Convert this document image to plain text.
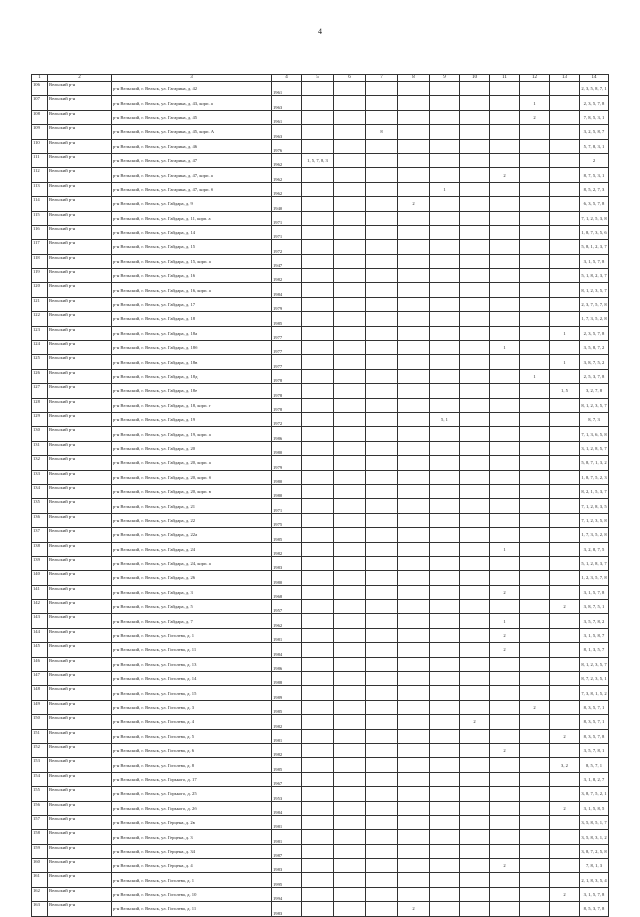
4
1	2	3	4	5	6	7	8	9	10	11	12	13	14
106	Вельский р-н	р-н Вельский, г. Вельск, ул. Гагарина, д. 42	1961										2, 3, 5, 8, 7, 1
107	Вельский р-н	р-н Вельский, г. Вельск, ул. Гагарина, д. 43, корп. а	1963								1		2, 3, 5, 7, 8
108	Вельский р-н	р-н Вельский, г. Вельск, ул. Гагарина, д. 45	1961								2		7, 8, 5, 3, 1
109	Вельский р-н	р-н Вельский, г. Вельск, ул. Гагарина, д. 45, корп. А	1963			8							3, 2, 5, 8, 7
110	Вельский р-н	р-н Вельский, г. Вельск, ул. Гагарина, д. 46	1976										5, 7, 8, 3, 1
111	Вельский р-н	р-н Вельский, г. Вельск, ул. Гагарина, д. 47	1962	1, 5, 7, 8, 3									2
112	Вельский р-н	р-н Вельский, г. Вельск, ул. Гагарина, д. 47, корп. а	1962							2			8, 7, 5, 3, 1
113	Вельский р-н	р-н Вельский, г. Вельск, ул. Гагарина, д. 47, корп. б	1962					1					8, 5, 2, 7, 3
114	Вельский р-н	р-н Вельский, г. Вельск, ул. Гайдара, д. 9	1940				2						6, 3, 5, 7, 8
115	Вельский р-н	р-н Вельский, г. Вельск, ул. Гайдара, д. 11, корп. а	1971										7, 1, 2, 5, 3, 8
116	Вельский р-н	р-н Вельский, г. Вельск, ул. Гайдара, д. 14	1971										1, 8, 7, 3, 5, 6
117	Вельский р-н	р-н Вельский, г. Вельск, ул. Гайдара, д. 15	1972										5, 8, 1, 2, 3, 7
118	Вельский р-н	р-н Вельский, г. Вельск, ул. Гайдара, д. 15, корп. а	1947										3, 1, 5, 7, 8
119	Вельский р-н	р-н Вельский, г. Вельск, ул. Гайдара, д. 16	1982										5, 1, 8, 2, 3, 7
120	Вельский р-н	р-н Вельский, г. Вельск, ул. Гайдара, д. 16, корп. а	1984										8, 1, 2, 3, 5, 7
121	Вельский р-н	р-н Вельский, г. Вельск, ул. Гайдара, д. 17	1979										2, 3, 7, 5, 7, 8
122	Вельский р-н	р-н Вельский, г. Вельск, ул. Гайдара, д. 18	1985										1, 7, 3, 5, 2, 8
123	Вельский р-н	р-н Вельский, г. Вельск, ул. Гайдара, д. 18а	1977									1	2, 3, 5, 7, 8
124	Вельский р-н	р-н Вельский, г. Вельск, ул. Гайдара, д. 18б	1977							1			3, 5, 8, 7, 2
125	Вельский р-н	р-н Вельский, г. Вельск, ул. Гайдара, д. 18в	1977									1	3, 8, 7, 5, 2
126	Вельский р-н	р-н Вельский, г. Вельск, ул. Гайдара, д. 18д	1978								1		2, 5, 3, 7, 8
127	Вельский р-н	р-н Вельский, г. Вельск, ул. Гайдара, д. 18е	1978									1, 5	3, 2, 7, 8
128	Вельский р-н	р-н Вельский, г. Вельск, ул. Гайдара, д. 18, корп. г	1978										8, 1, 2, 3, 5, 7
129	Вельский р-н	р-н Вельский, г. Вельск, ул. Гайдара, д. 19	1972					5, 1					8, 7, 3
130	Вельский р-н	р-н Вельский, г. Вельск, ул. Гайдара, д. 19, корп. а	1986										7, 1, 3, 6, 5, 8
131	Вельский р-н	р-н Вельский, г. Вельск, ул. Гайдара, д. 20	1980										3, 1, 2, 8, 5, 7
132	Вельский р-н	р-н Вельский, г. Вельск, ул. Гайдара, д. 20, корп. а	1979										5, 8, 7, 1, 3, 2
133	Вельский р-н	р-н Вельский, г. Вельск, ул. Гайдара, д. 20, корп. б	1980										1, 8, 7, 5, 2, 3
134	Вельский р-н	р-н Вельский, г. Вельск, ул. Гайдара, д. 20, корп. в	1980										8, 2, 1, 5, 3, 7
135	Вельский р-н	р-н Вельский, г. Вельск, ул. Гайдара, д. 21	1971										7, 1, 2, 8, 3, 5
136	Вельский р-н	р-н Вельский, г. Вельск, ул. Гайдара, д. 22	1975										7, 1, 2, 3, 5, 8
137	Вельский р-н	р-н Вельский, г. Вельск, ул. Гайдара, д. 22а	1985										1, 7, 3, 5, 2, 8
138	Вельский р-н	р-н Вельский, г. Вельск, ул. Гайдара, д. 24	1982							1			3, 2, 8, 7, 5
139	Вельский р-н	р-н Вельский, г. Вельск, ул. Гайдара, д. 24, корп. а	1983										5, 1, 2, 8, 3, 7
140	Вельский р-н	р-н Вельский, г. Вельск, ул. Гайдара, д. 26	1980										1, 2, 3, 5, 7, 8
141	Вельский р-н	р-н Вельский, г. Вельск, ул. Гайдара, д. 3	1968							2			3, 1, 5, 7, 8
142	Вельский р-н	р-н Вельский, г. Вельск, ул. Гайдара, д. 5	1957									2	3, 8, 7, 5, 1
143	Вельский р-н	р-н Вельский, г. Вельск, ул. Гайдара, д. 7	1962							1			3, 5, 7, 8, 2
144	Вельский р-н	р-н Вельский, г. Вельск, ул. Гоголева, д. 1	1981							2			3, 1, 5, 8, 7
145	Вельский р-н	р-н Вельский, г. Вельск, ул. Гоголева, д. 11	1984							2			8, 1, 3, 5, 7
146	Вельский р-н	р-н Вельский, г. Вельск, ул. Гоголева, д. 13	1986										8, 1, 2, 3, 5, 7
147	Вельский р-н	р-н Вельский, г. Вельск, ул. Гоголева, д. 14	1988										8, 7, 2, 3, 5, 1
148	Вельский р-н	р-н Вельский, г. Вельск, ул. Гоголева, д. 15	1989										7, 3, 8, 1, 5, 2
149	Вельский р-н	р-н Вельский, г. Вельск, ул. Гоголева, д. 3	1985								2		8, 3, 5, 7, 1
150	Вельский р-н	р-н Вельский, г. Вельск, ул. Гоголева, д. 4	1982						2				8, 3, 5, 7, 1
151	Вельский р-н	р-н Вельский, г. Вельск, ул. Гоголева, д. 5	1981									2	8, 3, 5, 7, 8
152	Вельский р-н	р-н Вельский, г. Вельск, ул. Гоголева, д. 6	1982							2			3, 5, 7, 8, 1
153	Вельский р-н	р-н Вельский, г. Вельск, ул. Гоголева, д. 8	1985									3, 2	8, 5, 7, 1
154	Вельский р-н	р-н Вельский, г. Вельск, ул. Горького, д. 17	1967										3, 1, 8, 2, 7
155	Вельский р-н	р-н Вельский, г. Вельск, ул. Горького, д. 25	1953										3, 8, 7, 5, 2, 1
156	Вельский р-н	р-н Вельский, г. Вельск, ул. Горького, д. 2б	1984									2	3, 1, 5, 8, 5
157	Вельский р-н	р-н Вельский, г. Вельск, ул. Герцена, д. 2в	1981										3, 5, 8, 5, 1, 7
158	Вельский р-н	р-н Вельский, г. Вельск, ул. Герцена, д. 3	1981										3, 5, 8, 3, 1, 2
159	Вельский р-н	р-н Вельский, г. Вельск, ул. Герцена, д. 34	1987										3, 8, 7, 2, 5, 8
160	Вельский р-н	р-н Вельский, г. Вельск, ул. Герцена, д. 4	1983							2			7, 8, 1, 3
161	Вельский р-н	р-н Вельский, г. Вельск, ул. Гоголева, д. 1	1995										2, 1, 8, 3, 5, 4
162	Вельский р-н	р-н Вельский, г. Вельск, ул. Гоголева, д. 10	1994									2	3, 1, 5, 7, 8
163	Вельский р-н	р-н Вельский, г. Вельск, ул. Гоголева, д. 11	1983				2						8, 5, 3, 7, 8
